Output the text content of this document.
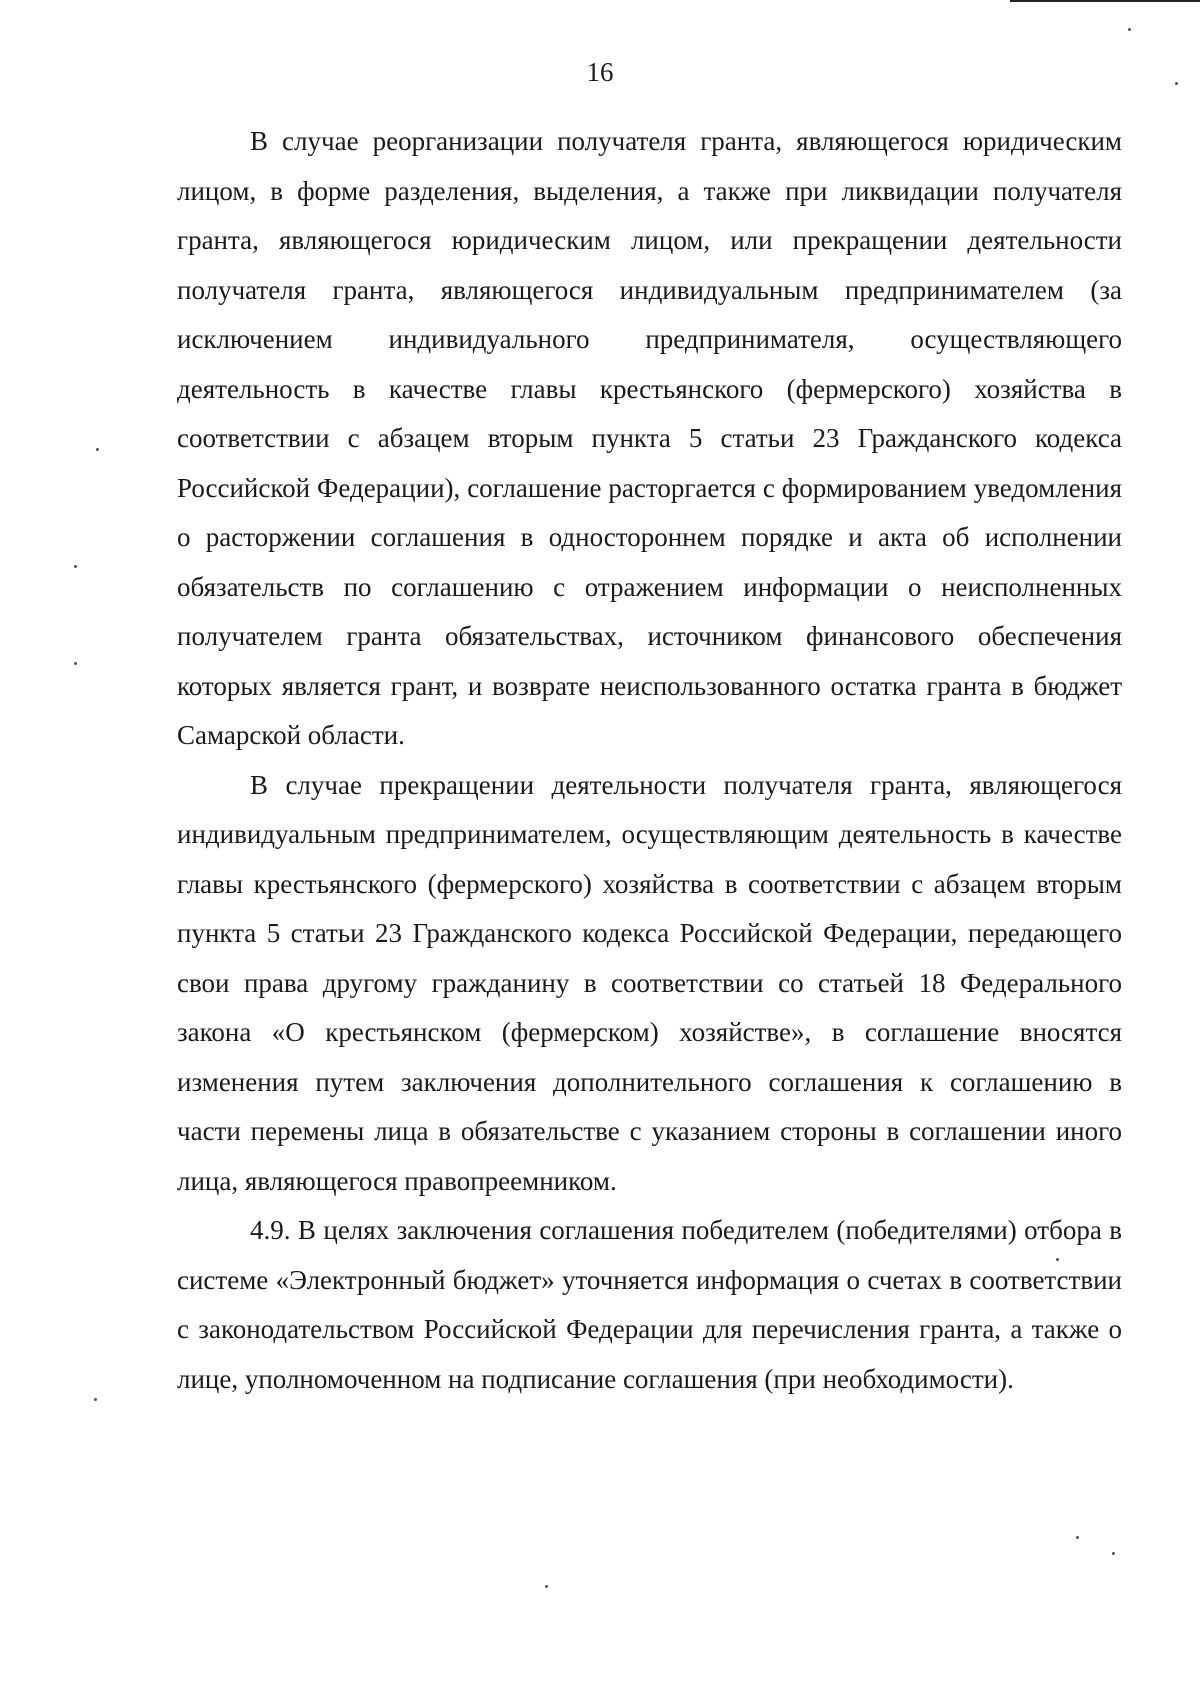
16

В случае реорганизации получателя гранта, являющегося юридическим лицом, в форме разделения, выделения, а также при ликвидации получателя гранта, являющегося юридическим лицом, или прекращении деятельности получателя гранта, являющегося индивидуальным предпринимателем (за исключением индивидуального предпринимателя, осуществляющего деятельность в качестве главы крестьянского (фермерского) хозяйства в соответствии с абзацем вторым пункта 5 статьи 23 Гражданского кодекса Российской Федерации), соглашение расторгается с формированием уведомления о расторжении соглашения в одностороннем порядке и акта об исполнении обязательств по соглашению с отражением информации о неисполненных получателем гранта обязательствах, источником финансового обеспечения которых является грант, и возврате неиспользованного остатка гранта в бюджет Самарской области.

В случае прекращении деятельности получателя гранта, являющегося индивидуальным предпринимателем, осуществляющим деятельность в качестве главы крестьянского (фермерского) хозяйства в соответствии с абзацем вторым пункта 5 статьи 23 Гражданского кодекса Российской Федерации, передающего свои права другому гражданину в соответствии со статьей 18 Федерального закона «О крестьянском (фермерском) хозяйстве», в соглашение вносятся изменения путем заключения дополнительного соглашения к соглашению в части перемены лица в обязательстве с указанием стороны в соглашении иного лица, являющегося правопреемником.

4.9. В целях заключения соглашения победителем (победителями) отбора в системе «Электронный бюджет» уточняется информация о счетах в соответствии с законодательством Российской Федерации для перечисления гранта, а также о лице, уполномоченном на подписание соглашения (при необходимости).
